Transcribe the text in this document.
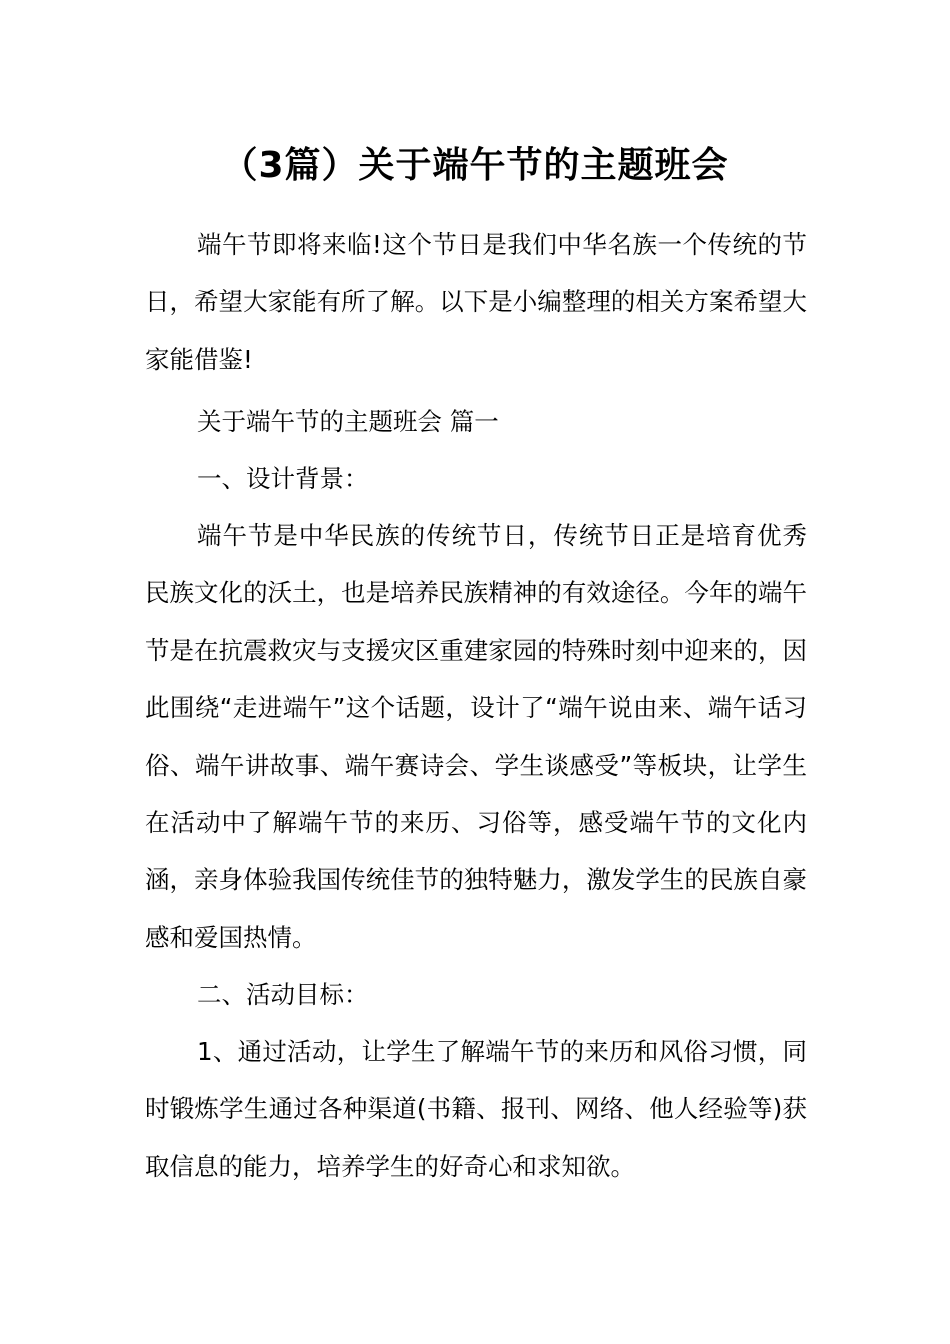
（3篇）关于端午节的主题班会

端午节即将来临!这个节日是我们中华名族一个传统的节日，希望大家能有所了解。以下是小编整理的相关方案希望大家能借鉴!

关于端午节的主题班会 篇一

一、设计背景：

端午节是中华民族的传统节日，传统节日正是培育优秀民族文化的沃土，也是培养民族精神的有效途径。今年的端午节是在抗震救灾与支援灾区重建家园的特殊时刻中迎来的，因此围绕“走进端午”这个话题，设计了“端午说由来、端午话习俗、端午讲故事、端午赛诗会、学生谈感受”等板块，让学生在活动中了解端午节的来历、习俗等，感受端午节的文化内涵，亲身体验我国传统佳节的独特魅力，激发学生的民族自豪感和爱国热情。

二、活动目标：

1、通过活动，让学生了解端午节的来历和风俗习惯，同时锻炼学生通过各种渠道(书籍、报刊、网络、他人经验等)获取信息的能力，培养学生的好奇心和求知欲。
